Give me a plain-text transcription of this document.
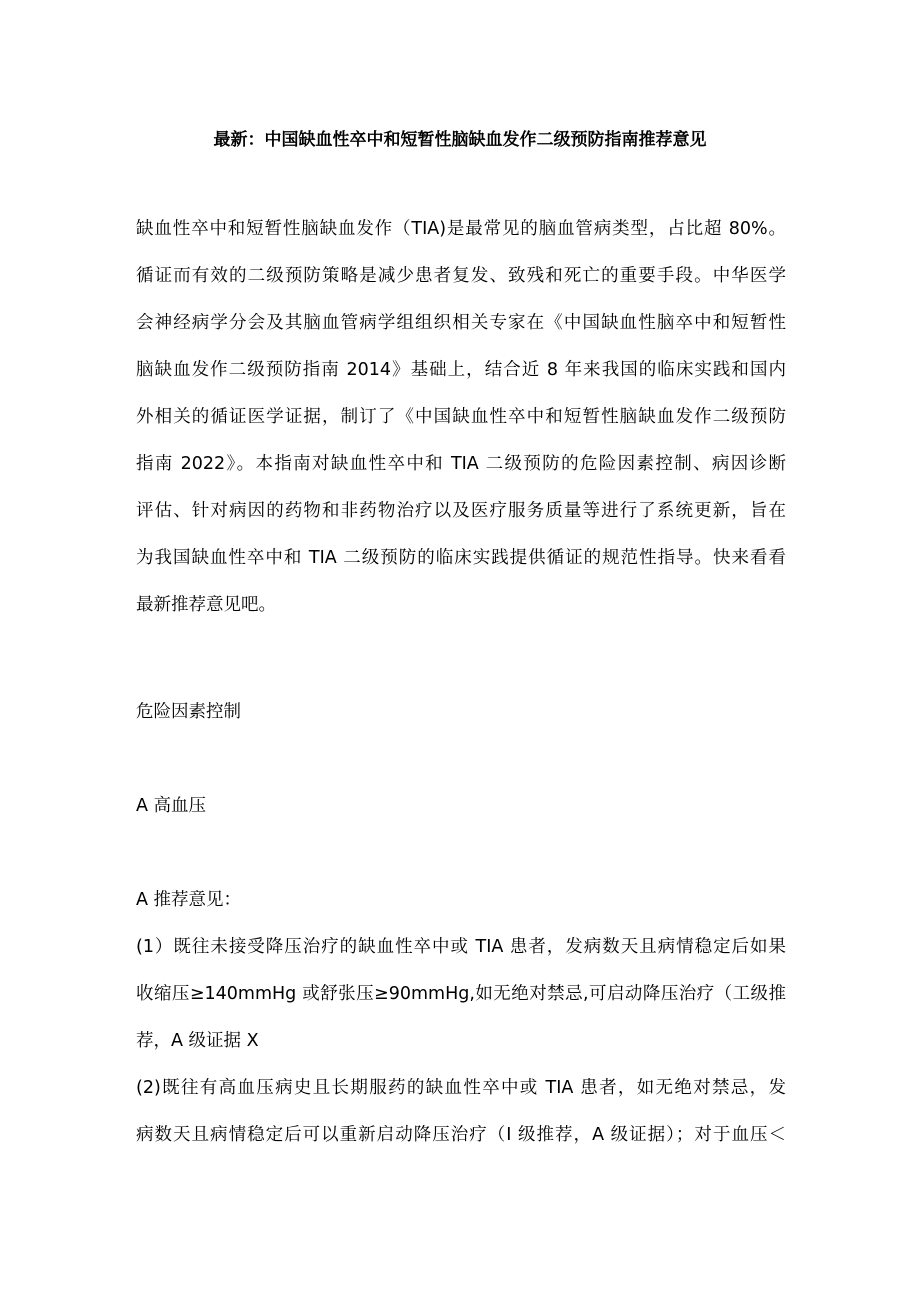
最新：中国缺血性卒中和短暂性脑缺血发作二级预防指南推荐意见
缺血性卒中和短暂性脑缺血发作（TIA)是最常见的脑血管病类型，占比超 80%。
循证而有效的二级预防策略是减少患者复发、致残和死亡的重要手段。中华医学
会神经病学分会及其脑血管病学组组织相关专家在《中国缺血性脑卒中和短暂性
脑缺血发作二级预防指南 2014》基础上，结合近 8 年来我国的临床实践和国内
外相关的循证医学证据，制订了《中国缺血性卒中和短暂性脑缺血发作二级预防
指南 2022》。本指南对缺血性卒中和 TIA 二级预防的危险因素控制、病因诊断
评估、针对病因的药物和非药物治疗以及医疗服务质量等进行了系统更新，旨在
为我国缺血性卒中和 TIA 二级预防的临床实践提供循证的规范性指导。快来看看
最新推荐意见吧。
危险因素控制
A 高血压
A 推荐意见：
(1）既往未接受降压治疗的缺血性卒中或 TIA 患者，发病数天且病情稳定后如果
收缩压≥140mmHg 或舒张压≥90mmHg,如无绝对禁忌,可启动降压治疗（工级推
荐，A 级证据 X
(2)既往有高血压病史且长期服药的缺血性卒中或 TIA 患者，如无绝对禁忌，发
病数天且病情稳定后可以重新启动降压治疗（I 级推荐，A 级证据）；对于血压＜
